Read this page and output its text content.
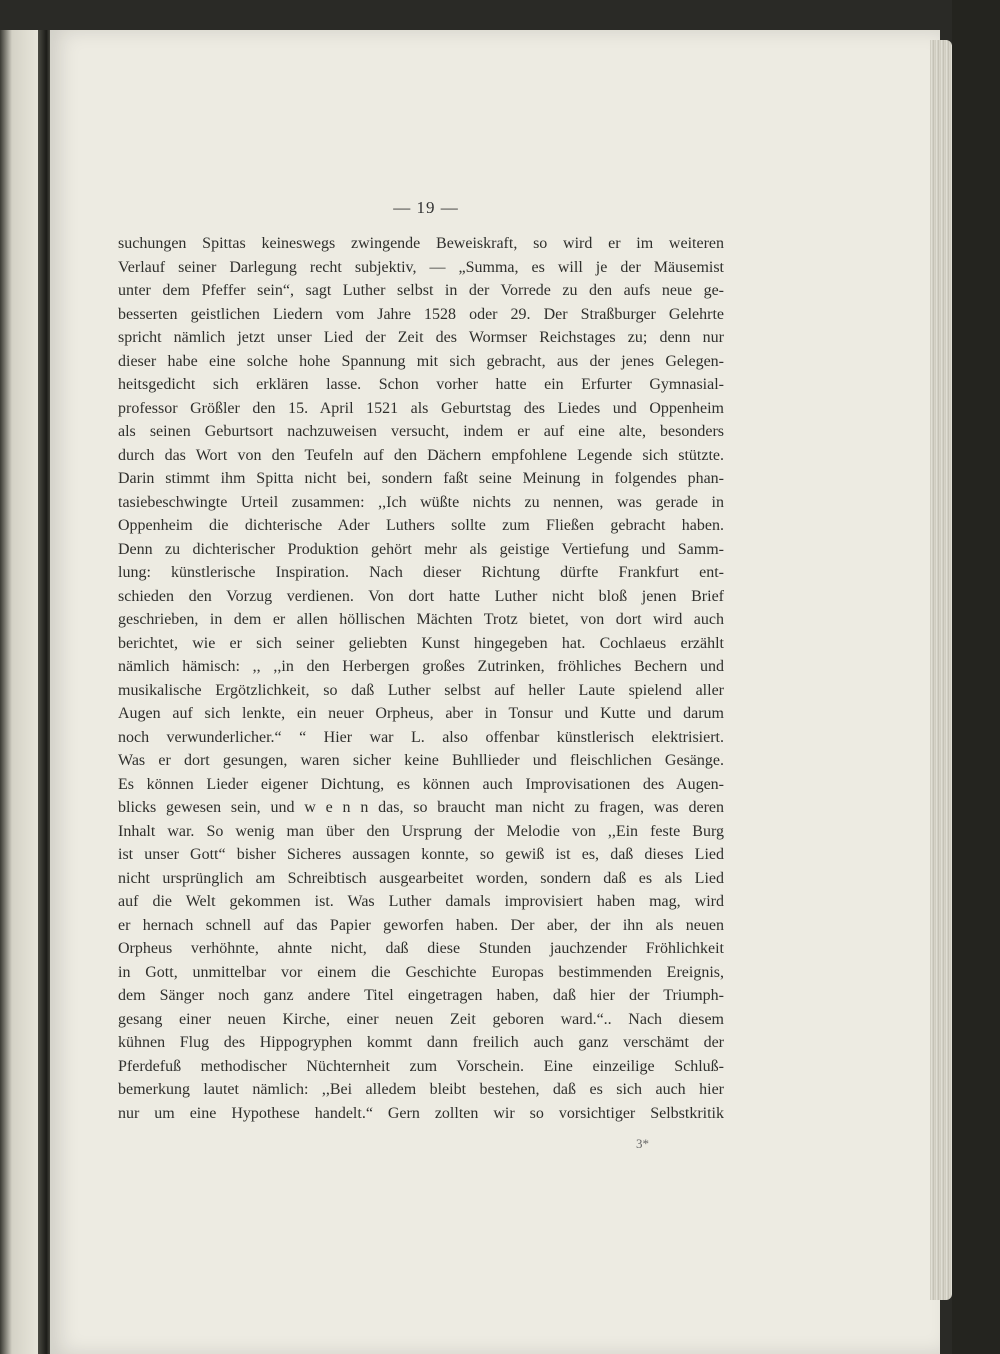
— 19 —
suchungen Spittas keineswegs zwingende Beweiskraft, so wird er im weiteren
Verlauf seiner Darlegung recht subjektiv, — „Summa, es will je der Mäusemist
unter dem Pfeffer sein“, sagt Luther selbst in der Vorrede zu den aufs neue ge-
besserten geistlichen Liedern vom Jahre 1528 oder 29. Der Straßburger Gelehrte
spricht nämlich jetzt unser Lied der Zeit des Wormser Reichstages zu; denn nur
dieser habe eine solche hohe Spannung mit sich gebracht, aus der jenes Gelegen-
heitsgedicht sich erklären lasse. Schon vorher hatte ein Erfurter Gymnasial-
professor Größler den 15. April 1521 als Geburtstag des Liedes und Oppenheim
als seinen Geburtsort nachzuweisen versucht, indem er auf eine alte, besonders
durch das Wort von den Teufeln auf den Dächern empfohlene Legende sich stützte.
Darin stimmt ihm Spitta nicht bei, sondern faßt seine Meinung in folgendes phan-
tasiebeschwingte Urteil zusammen: ,,Ich wüßte nichts zu nennen, was gerade in
Oppenheim die dichterische Ader Luthers sollte zum Fließen gebracht haben.
Denn zu dichterischer Produktion gehört mehr als geistige Vertiefung und Samm-
lung: künstlerische Inspiration. Nach dieser Richtung dürfte Frankfurt ent-
schieden den Vorzug verdienen. Von dort hatte Luther nicht bloß jenen Brief
geschrieben, in dem er allen höllischen Mächten Trotz bietet, von dort wird auch
berichtet, wie er sich seiner geliebten Kunst hingegeben hat. Cochlaeus erzählt
nämlich hämisch: ,, ,,in den Herbergen großes Zutrinken, fröhliches Bechern und
musikalische Ergötzlichkeit, so daß Luther selbst auf heller Laute spielend aller
Augen auf sich lenkte, ein neuer Orpheus, aber in Tonsur und Kutte und darum
noch verwunderlicher.“ “ Hier war L. also offenbar künstlerisch elektrisiert.
Was er dort gesungen, waren sicher keine Buhllieder und fleischlichen Gesänge.
Es können Lieder eigener Dichtung, es können auch Improvisationen des Augen-
blicks gewesen sein, und w e n n das, so braucht man nicht zu fragen, was deren
Inhalt war. So wenig man über den Ursprung der Melodie von ,,Ein feste Burg
ist unser Gott“ bisher Sicheres aussagen konnte, so gewiß ist es, daß dieses Lied
nicht ursprünglich am Schreibtisch ausgearbeitet worden, sondern daß es als Lied
auf die Welt gekommen ist. Was Luther damals improvisiert haben mag, wird
er hernach schnell auf das Papier geworfen haben. Der aber, der ihn als neuen
Orpheus verhöhnte, ahnte nicht, daß diese Stunden jauchzender Fröhlichkeit
in Gott, unmittelbar vor einem die Geschichte Europas bestimmenden Ereignis,
dem Sänger noch ganz andere Titel eingetragen haben, daß hier der Triumph-
gesang einer neuen Kirche, einer neuen Zeit geboren ward.“.. Nach diesem
kühnen Flug des Hippogryphen kommt dann freilich auch ganz verschämt der
Pferdefuß methodischer Nüchternheit zum Vorschein. Eine einzeilige Schluß-
bemerkung lautet nämlich: ,,Bei alledem bleibt bestehen, daß es sich auch hier
nur um eine Hypothese handelt.“ Gern zollten wir so vorsichtiger Selbstkritik
3*
